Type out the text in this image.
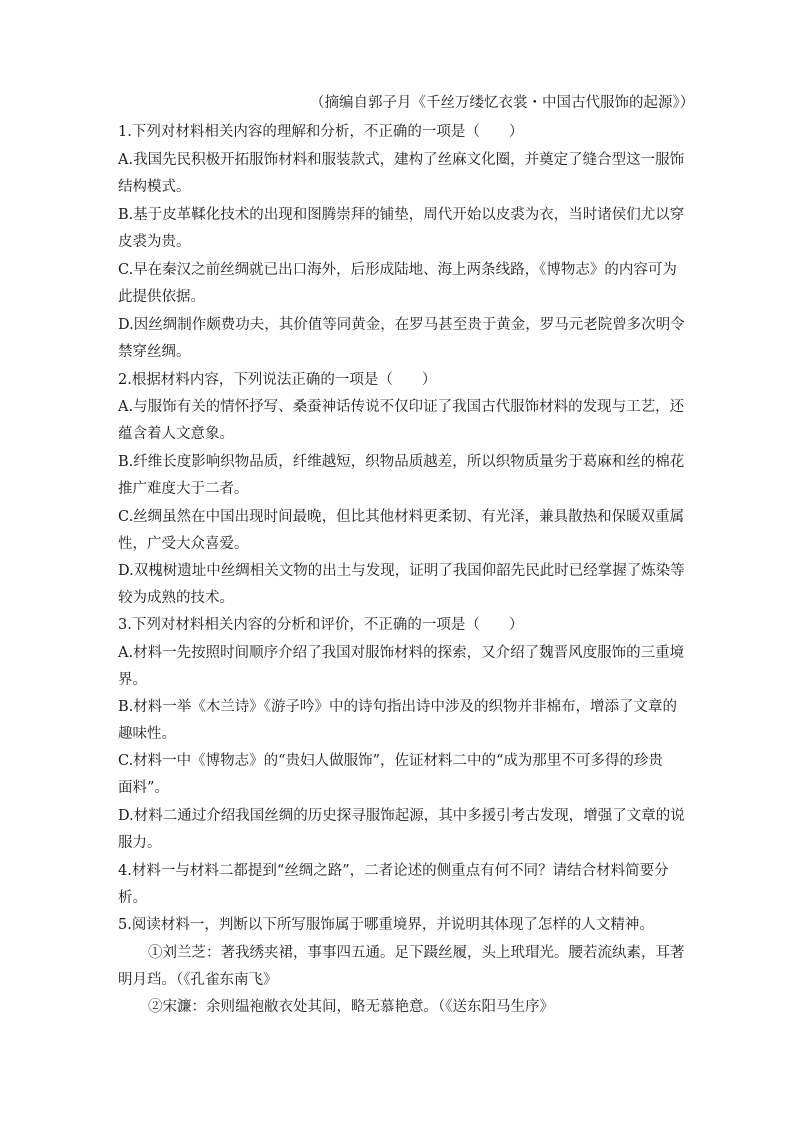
（摘编自郭子月《千丝万缕忆衣裳・中国古代服饰的起源》）
1.下列对材料相关内容的理解和分析，不正确的一项是（　　）
A.我国先民积极开拓服饰材料和服装款式，建构了丝麻文化圈，并奠定了缝合型这一服饰
结构模式。
B.基于皮革鞣化技术的出现和图腾崇拜的铺垫，周代开始以皮裘为衣，当时诸侯们尤以穿
皮裘为贵。
C.早在秦汉之前丝绸就已出口海外，后形成陆地、海上两条线路，《博物志》的内容可为
此提供依据。
D.因丝绸制作颇费功夫，其价值等同黄金，在罗马甚至贵于黄金，罗马元老院曾多次明令
禁穿丝绸。
2.根据材料内容，下列说法正确的一项是（　　）
A.与服饰有关的情怀抒写、桑蚕神话传说不仅印证了我国古代服饰材料的发现与工艺，还
蕴含着人文意象。
B.纤维长度影响织物品质，纤维越短，织物品质越差，所以织物质量劣于葛麻和丝的棉花
推广难度大于二者。
C.丝绸虽然在中国出现时间最晚，但比其他材料更柔韧、有光泽，兼具散热和保暖双重属
性，广受大众喜爱。
D.双槐树遗址中丝绸相关文物的出土与发现，证明了我国仰韶先民此时已经掌握了炼染等
较为成熟的技术。
3.下列对材料相关内容的分析和评价，不正确的一项是（　　）
A.材料一先按照时间顺序介绍了我国对服饰材料的探索，又介绍了魏晋风度服饰的三重境
界。
B.材料一举《木兰诗》《游子吟》中的诗句指出诗中涉及的织物并非棉布，增添了文章的
趣味性。
C.材料一中《博物志》的“贵妇人做服饰”，佐证材料二中的“成为那里不可多得的珍贵
面料”。
D.材料二通过介绍我国丝绸的历史探寻服饰起源，其中多援引考古发现，增强了文章的说
服力。
4.材料一与材料二都提到“丝绸之路”，二者论述的侧重点有何不同？请结合材料简要分
析。
5.阅读材料一，判断以下所写服饰属于哪重境界，并说明其体现了怎样的人文精神。
①刘兰芝：著我绣夹裙，事事四五通。足下蹑丝履，头上玳瑁光。腰若流纨素，耳著
明月珰。（《孔雀东南飞》
②宋濂：余则缊袍敝衣处其间，略无慕艳意。（《送东阳马生序》
